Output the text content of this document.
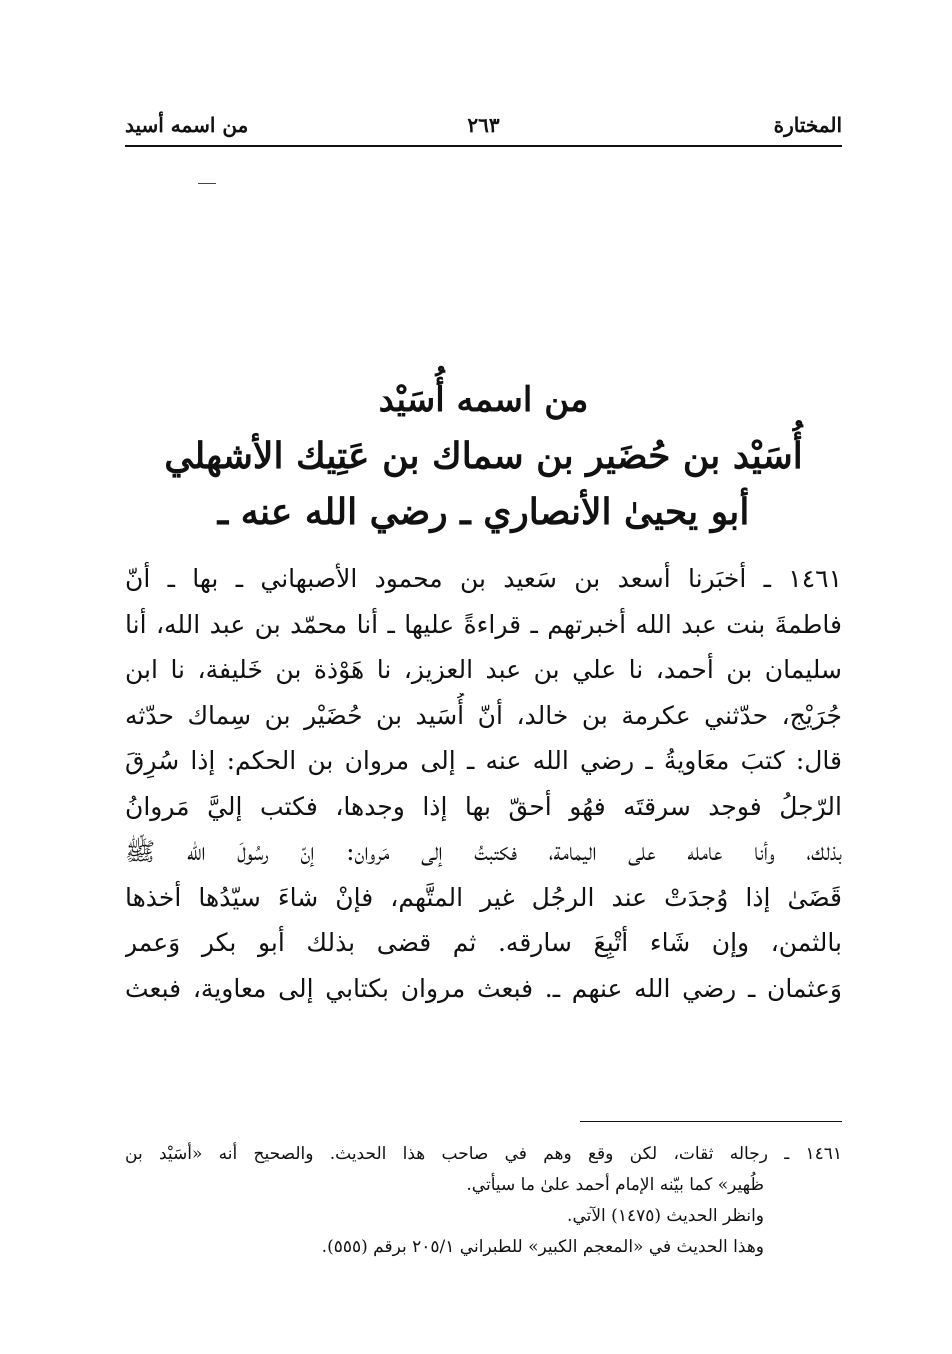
المختارة
٢٦٣
من اسمه أسيد
من اسمه أُسَيْد
أُسَيْد بن حُضَير بن سماك بن عَتِيك الأشهلي
أبو يحيىٰ الأنصاري ـ رضي الله عنه ـ
١٤٦١ ـ أخبَرنا أسعد بن سَعيد بن محمود الأصبهاني ـ بها ـ أنّ
فاطمةَ بنت عبد الله أخبرتهم ـ قراءةً عليها ـ أنا محمّد بن عبد الله، أنا
سليمان بن أحمد، نا علي بن عبد العزيز، نا هَوْذة بن خَليفة، نا ابن
جُرَيْج، حدّثني عكرمة بن خالد، أنّ أُسَيد بن حُضَيْر بن سِماك حدّثه
قال: كتبَ معَاويةُ ـ رضي الله عنه ـ إلى مروان بن الحكم: إذا سُرِقَ
الرّجلُ فوجد سرقتَه فهُو أحقّ بها إذا وجدها، فكتب إليَّ مَروانُ
بذلك، وأنا عامله على اليمامة، فكتبتُ إلى مَروان: إنّ رسُولَ الله ﷺ
قَضَىٰ إذا وُجدَتْ عند الرجُل غير المتَّهم، فإنْ شاءَ سيّدُها أخذها
بالثمن، وإن شَاء أتْبِعَ سارقه. ثم قضى بذلك أبو بكر وَعمر
وَعثمان ـ رضي الله عنهم ـ. فبعث مروان بكتابي إلى معاوية، فبعث
١٤٦١ ـ رجاله ثقات، لكن وقع وهم في صاحب هذا الحديث. والصحيح أنه «أسَيْد بن
ظُهير» كما بيّنه الإمام أحمد علىٰ ما سيأتي.
وانظر الحديث (١٤٧٥) الآتي.
وهذا الحديث في «المعجم الكبير» للطبراني ٢٠٥/١ برقم (٥٥٥).
